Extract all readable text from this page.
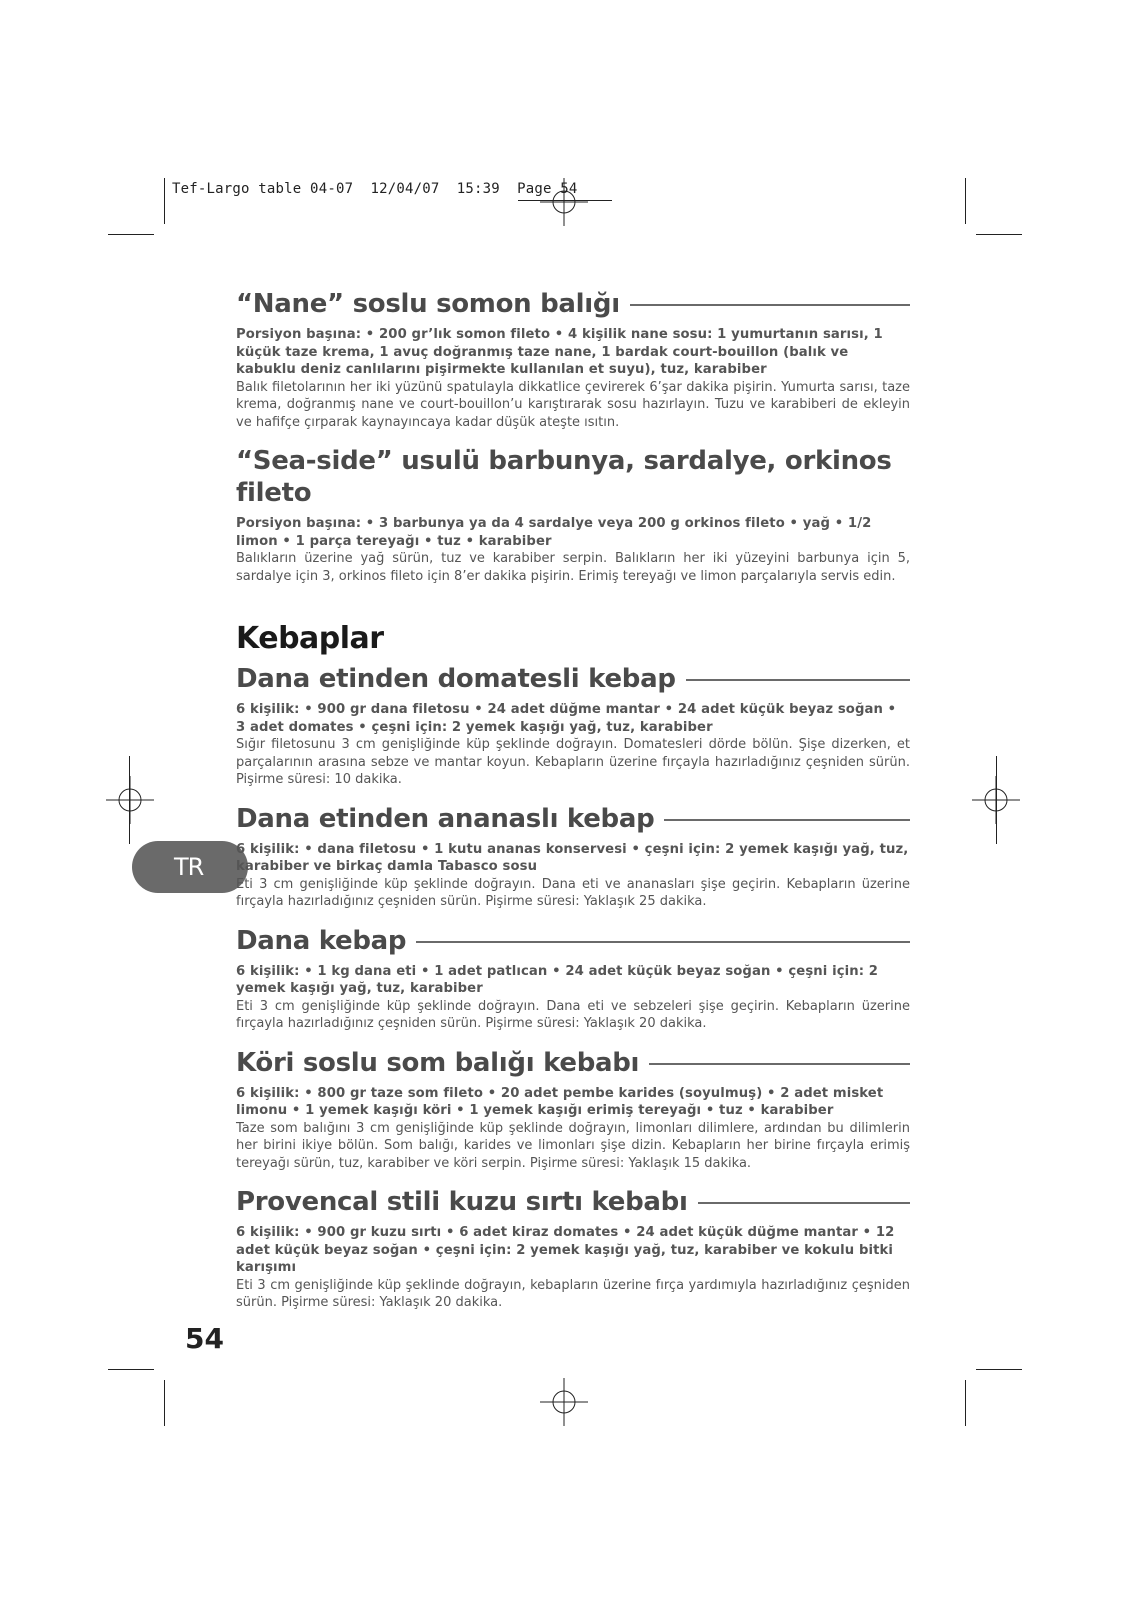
Tef-Largo table 04-07  12/04/07  15:39  Page 54
TR
“Nane” soslu somon balığı
Porsiyon başına: • 200 gr’lık somon fileto • 4 kişilik nane sosu: 1 yumurtanın sarısı, 1 küçük taze krema, 1 avuç doğranmış taze nane, 1 bardak court-bouillon (balık ve kabuklu deniz canlılarını pişirmekte kullanılan et suyu), tuz, karabiber
Balık filetolarının her iki yüzünü spatulayla dikkatlice çevirerek 6’şar dakika pişirin. Yumurta sarısı, taze krema, doğranmış nane ve court-bouillon’u karıştırarak sosu hazırlayın. Tuzu ve karabiberi de ekleyin ve hafifçe çırparak kaynayıncaya kadar düşük ateşte ısıtın.
“Sea-side” usulü barbunya, sardalye, orkinos fileto
Porsiyon başına: • 3 barbunya ya da 4 sardalye veya 200 g orkinos fileto • yağ • 1/2 limon • 1 parça tereyağı • tuz • karabiber
Balıkların üzerine yağ sürün, tuz ve karabiber serpin. Balıkların her iki yüzeyini barbunya için 5, sardalye için 3, orkinos fileto için 8’er dakika pişirin. Erimiş tereyağı ve limon parçalarıyla servis edin.
Kebaplar
Dana etinden domatesli kebap
6 kişilik: • 900 gr dana filetosu • 24 adet düğme mantar • 24 adet küçük beyaz soğan • 3 adet domates • çeşni için: 2 yemek kaşığı yağ, tuz, karabiber
Sığır filetosunu 3 cm genişliğinde küp şeklinde doğrayın. Domatesleri dörde bölün. Şişe dizerken, et parçalarının arasına sebze ve mantar koyun. Kebapların üzerine fırçayla hazırladığınız çeşniden sürün. Pişirme süresi: 10 dakika.
Dana etinden ananaslı kebap
6 kişilik: • dana filetosu • 1 kutu ananas konservesi • çeşni için: 2 yemek kaşığı yağ, tuz, karabiber ve birkaç damla Tabasco sosu
Eti 3 cm genişliğinde küp şeklinde doğrayın. Dana eti ve ananasları şişe geçirin. Kebapların üzerine fırçayla hazırladığınız çeşniden sürün. Pişirme süresi: Yaklaşık 25 dakika.
Dana kebap
6 kişilik: • 1 kg dana eti • 1 adet patlıcan • 24 adet küçük beyaz soğan • çeşni için: 2 yemek kaşığı yağ, tuz, karabiber
Eti 3 cm genişliğinde küp şeklinde doğrayın. Dana eti ve sebzeleri şişe geçirin. Kebapların üzerine fırçayla hazırladığınız çeşniden sürün. Pişirme süresi: Yaklaşık 20 dakika.
Köri soslu som balığı kebabı
6 kişilik: • 800 gr taze som fileto • 20 adet pembe karides (soyulmuş) • 2 adet misket limonu • 1 yemek kaşığı köri • 1 yemek kaşığı erimiş tereyağı • tuz • karabiber
Taze som balığını 3 cm genişliğinde küp şeklinde doğrayın, limonları dilimlere, ardından bu dilimlerin her birini ikiye bölün. Som balığı, karides ve limonları şişe dizin. Kebapların her birine fırçayla erimiş tereyağı sürün, tuz, karabiber ve köri serpin. Pişirme süresi: Yaklaşık 15 dakika.
Provencal stili kuzu sırtı kebabı
6 kişilik: • 900 gr kuzu sırtı • 6 adet kiraz domates • 24 adet küçük düğme mantar • 12 adet küçük beyaz soğan • çeşni için: 2 yemek kaşığı yağ, tuz, karabiber ve kokulu bitki karışımı
Eti 3 cm genişliğinde küp şeklinde doğrayın, kebapların üzerine fırça yardımıyla hazırladığınız çeşniden sürün. Pişirme süresi: Yaklaşık 20 dakika.
54
